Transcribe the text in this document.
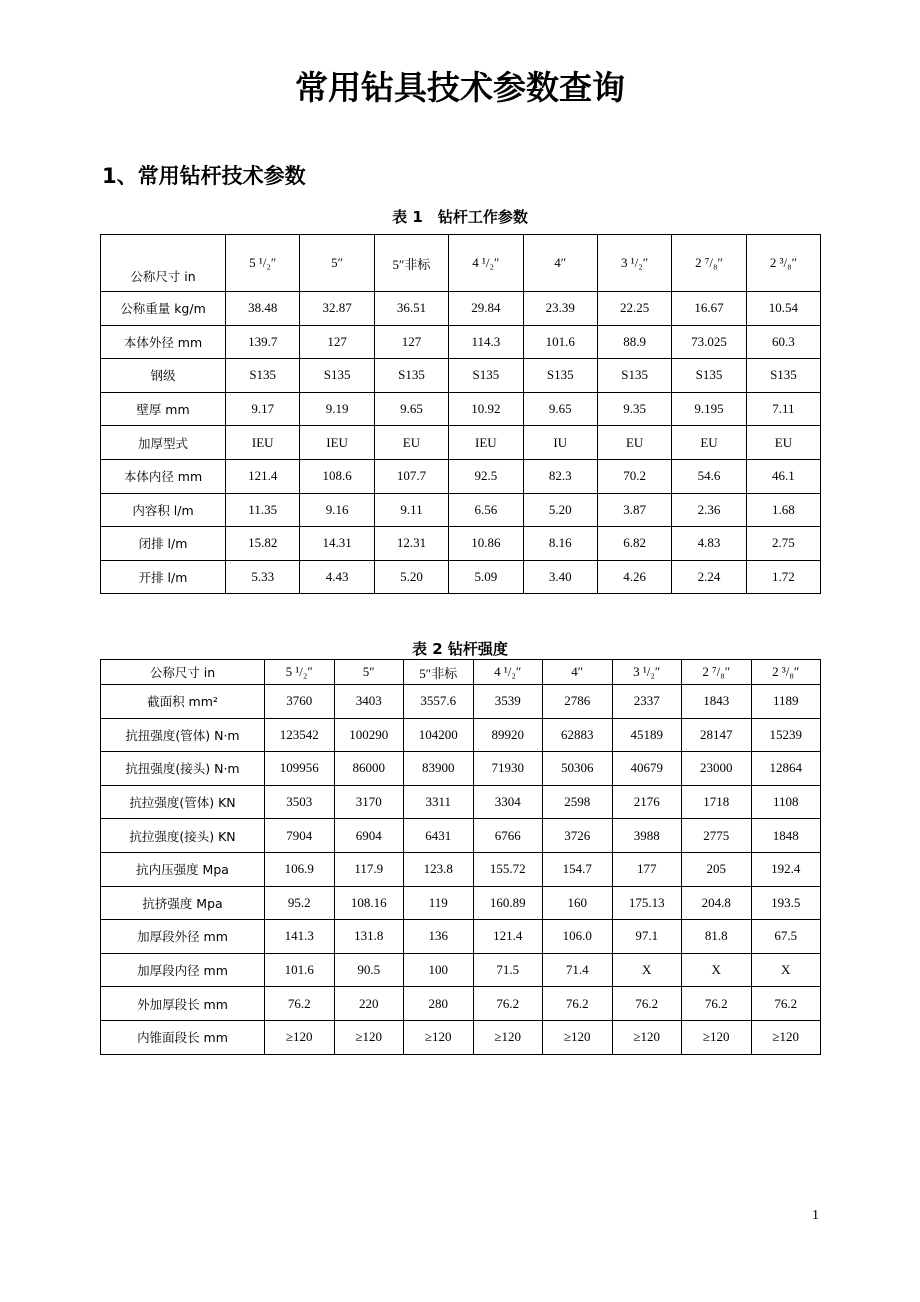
常用钻具技术参数查询
1、常用钻杆技术参数
表 1　钻杆工作参数
公称尺寸 in	5 ¹/₂″	5″	5″非标	4 ¹/₂″	4″	3 ¹/₂″	2 ⁷/₈″	2 ³/₈″
公称重量 kg/m	38.48	32.87	36.51	29.84	23.39	22.25	16.67	10.54
本体外径 mm	139.7	127	127	114.3	101.6	88.9	73.025	60.3
钢级	S135	S135	S135	S135	S135	S135	S135	S135
壁厚 mm	9.17	9.19	9.65	10.92	9.65	9.35	9.195	7.11
加厚型式	IEU	IEU	EU	IEU	IU	EU	EU	EU
本体内径 mm	121.4	108.6	107.7	92.5	82.3	70.2	54.6	46.1
内容积 l/m	11.35	9.16	9.11	6.56	5.20	3.87	2.36	1.68
闭排 l/m	15.82	14.31	12.31	10.86	8.16	6.82	4.83	2.75
开排 l/m	5.33	4.43	5.20	5.09	3.40	4.26	2.24	1.72
表 2 钻杆强度
公称尺寸 in	5 ¹/₂″	5″	5″非标	4 ¹/₂″	4″	3 ¹/₂″	2 ⁷/₈″	2 ³/₈″
截面积 mm²	3760	3403	3557.6	3539	2786	2337	1843	1189
抗扭强度(管体) N·m	123542	100290	104200	89920	62883	45189	28147	15239
抗扭强度(接头) N·m	109956	86000	83900	71930	50306	40679	23000	12864
抗拉强度(管体) KN	3503	3170	3311	3304	2598	2176	1718	1108
抗拉强度(接头) KN	7904	6904	6431	6766	3726	3988	2775	1848
抗内压强度 Mpa	106.9	117.9	123.8	155.72	154.7	177	205	192.4
抗挤强度 Mpa	95.2	108.16	119	160.89	160	175.13	204.8	193.5
加厚段外径 mm	141.3	131.8	136	121.4	106.0	97.1	81.8	67.5
加厚段内径 mm	101.6	90.5	100	71.5	71.4	X	X	X
外加厚段长 mm	76.2	220	280	76.2	76.2	76.2	76.2	76.2
内锥面段长 mm	≥120	≥120	≥120	≥120	≥120	≥120	≥120	≥120
1
